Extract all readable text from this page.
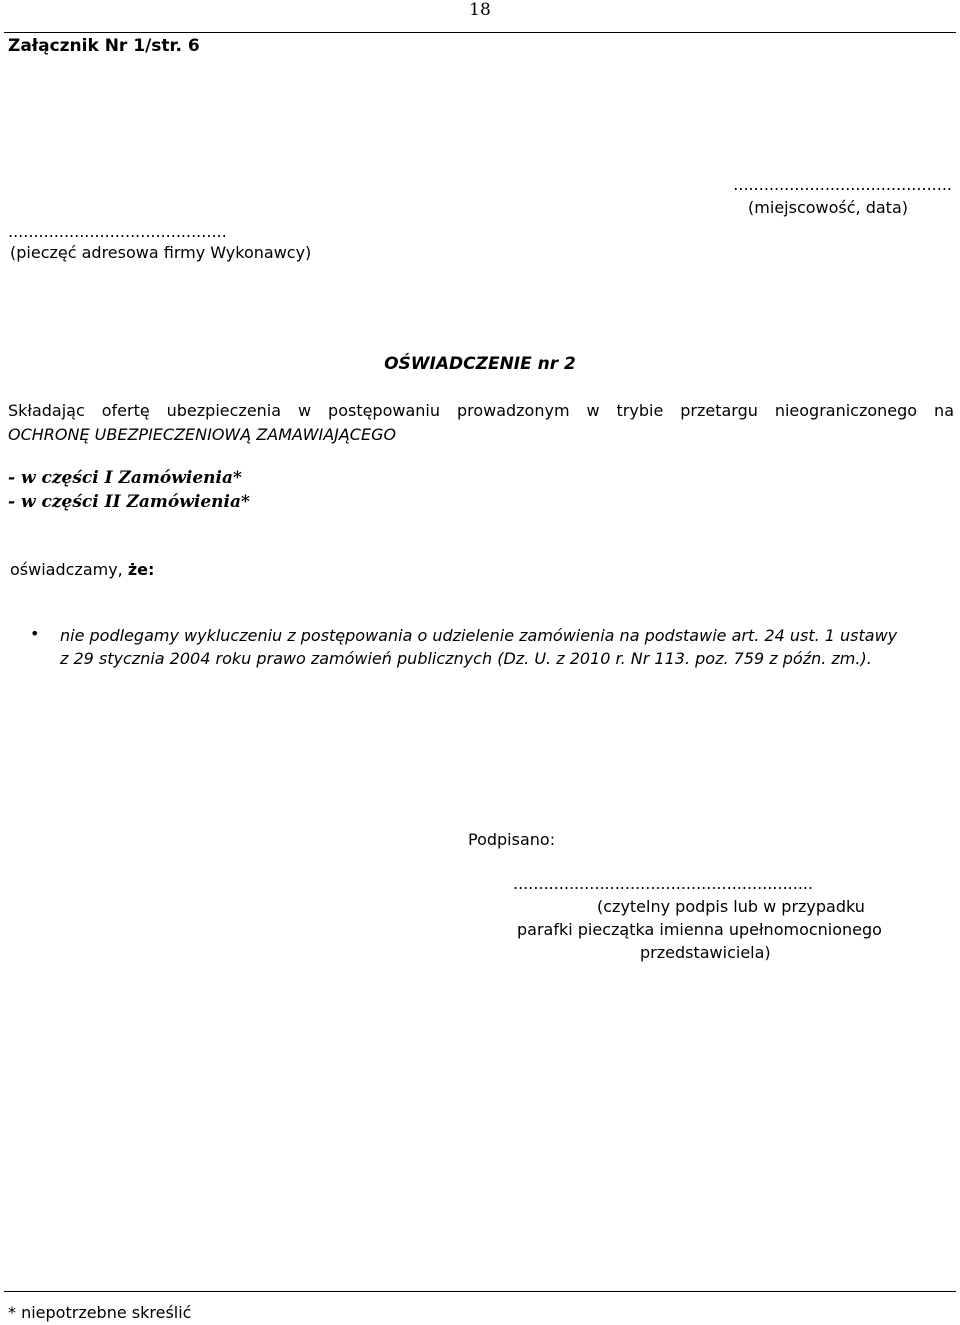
18
Załącznik Nr 1/str. 6
...........................................
(miejscowość, data)
...........................................
(pieczęć adresowa firmy Wykonawcy)
OŚWIADCZENIE nr 2
Składając ofertę ubezpieczenia w postępowaniu prowadzonym w trybie przetargu nieograniczonego na
OCHRONĘ UBEZPIECZENIOWĄ ZAMAWIAJĄCEGO
- w części I Zamówienia*
- w części II Zamówienia*
oświadczamy, że:
• nie podlegamy wykluczeniu z postępowania o udzielenie zamówienia na podstawie art. 24 ust. 1 ustawy
z 29 stycznia 2004 roku prawo zamówień publicznych (Dz. U. z 2010 r. Nr 113. poz. 759 z późn. zm.).
Podpisano:
...........................................................
(czytelny podpis lub w przypadku
parafki pieczątka imienna upełnomocnionego
przedstawiciela)
* niepotrzebne skreślić
